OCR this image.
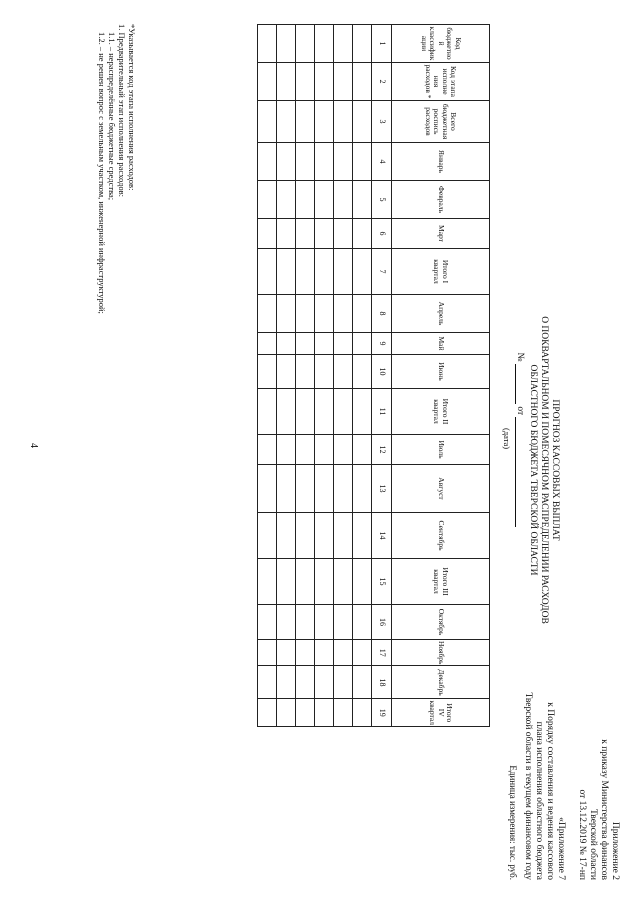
4

Приложение 2

к приказу Министерства финансов

Тверской области

от 13.12.2019 № 17-нп

«Приложение 7

к Порядку составления и ведения кассового

плана исполнения областного бюджета

Тверской области в текущем финансовом году

ПРОГНОЗ КАССОВЫХ ВЫПЛАТ
О ПОКВАРТАЛЬНОМ И ПОМЕСЯЧНОМ РАСПРЕДЕЛЕНИИ РАСХОДОВ
ОБЛАСТНОГО БЮДЖЕТА ТВЕРСКОЙ ОБЛАСТИ
№  от
(дата)
Единица измерения: тыс. руб.
Код бюджетно й классифик ации	Код этапа исполне ния расходов *	Всего бюджетная роспись расходов	Январь	Февраль	Март	Итого I квартал	Апрель	Май	Июнь	Итого II квартал	Июль	Август	Сентябрь	Итого III квартал	Октябрь	Ноябрь	Декабрь	Итого IV квартал
1	2	3	4	5	6	7	8	9	10	11	12	13	14	15	16	17	18	19

*Указывается код этапа исполнения расходов:

1. Предварительный этап исполнения расходов:

1.1. – нераспределённые бюджетные средства;

1.2. – не решен вопрос с земельным участком, инженерной инфраструктурой;
